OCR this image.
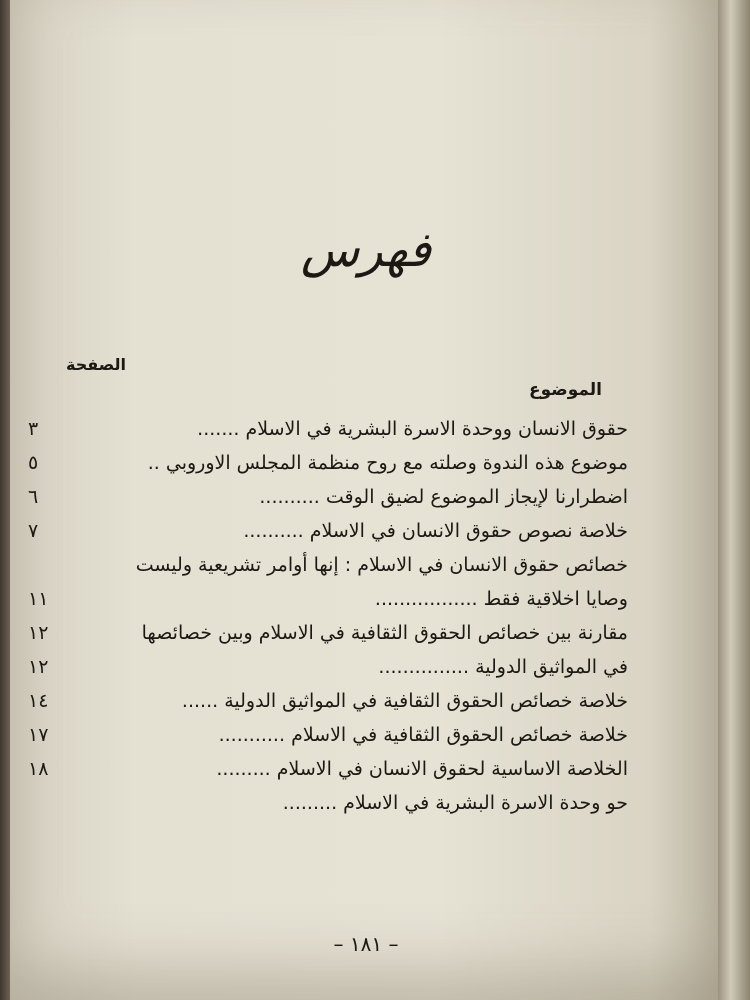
فهرس
الصفحة
الموضوع
حقوق الانسان ووحدة الاسرة البشرية في الاسلام .......
٣
موضوع هذه الندوة وصلته مع روح منظمة المجلس الاوروبي ..
٥
اضطرارنا لإيجاز الموضوع لضيق الوقت ..........
٦
خلاصة نصوص حقوق الانسان في الاسلام ..........
٧
خصائص حقوق الانسان في الاسلام : إنها أوامر تشريعية وليست
وصايا اخلاقية فقط .................
١١
مقارنة بين خصائص الحقوق الثقافية في الاسلام وبين خصائصها
١٢
في المواثيق الدولية ...............
١٢
خلاصة خصائص الحقوق الثقافية في المواثيق الدولية ......
١٤
خلاصة خصائص الحقوق الثقافية في الاسلام ...........
١٧
الخلاصة الاساسية لحقوق الانسان في الاسلام .........
١٨
حو وحدة الاسرة البشرية في الاسلام .........
– ١٨١ –
